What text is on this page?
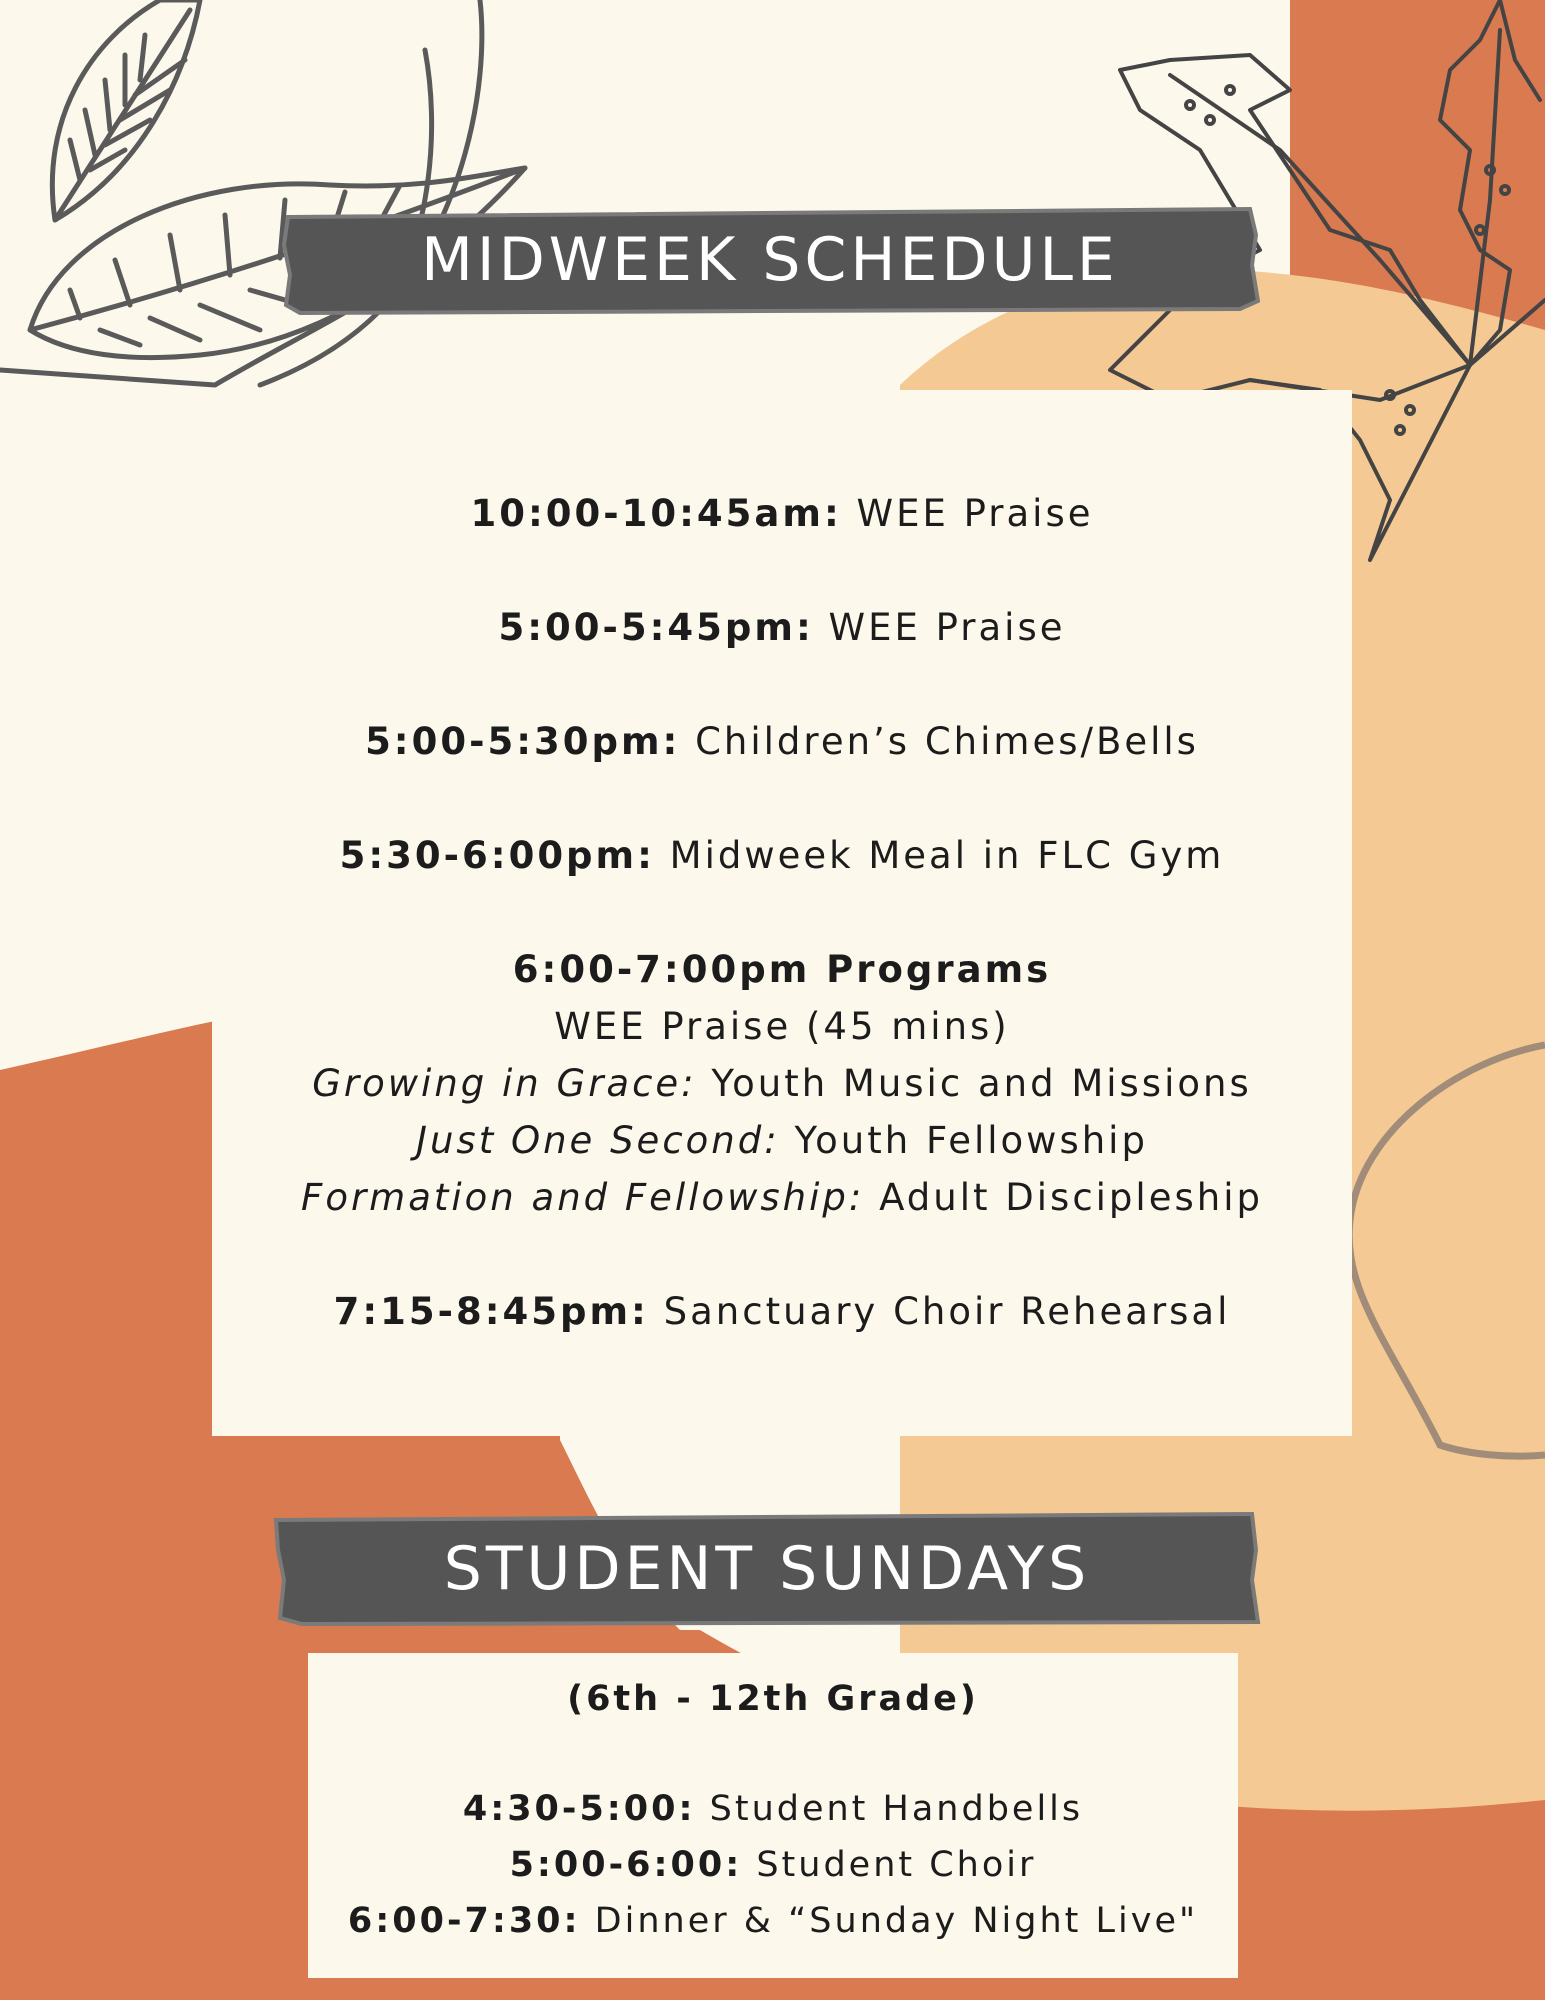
MIDWEEK SCHEDULE
10:00-10:45am: WEE Praise
5:00-5:45pm: WEE Praise
5:00-5:30pm: Children’s Chimes/Bells
5:30-6:00pm: Midweek Meal in FLC Gym
6:00-7:00pm Programs
WEE Praise (45 mins)
Growing in Grace: Youth Music and Missions
Just One Second: Youth Fellowship
Formation and Fellowship: Adult Discipleship
7:15-8:45pm: Sanctuary Choir Rehearsal
STUDENT SUNDAYS
(6th - 12th Grade)
4:30-5:00: Student Handbells
5:00-6:00: Student Choir
6:00-7:30: Dinner & “Sunday Night Live"
